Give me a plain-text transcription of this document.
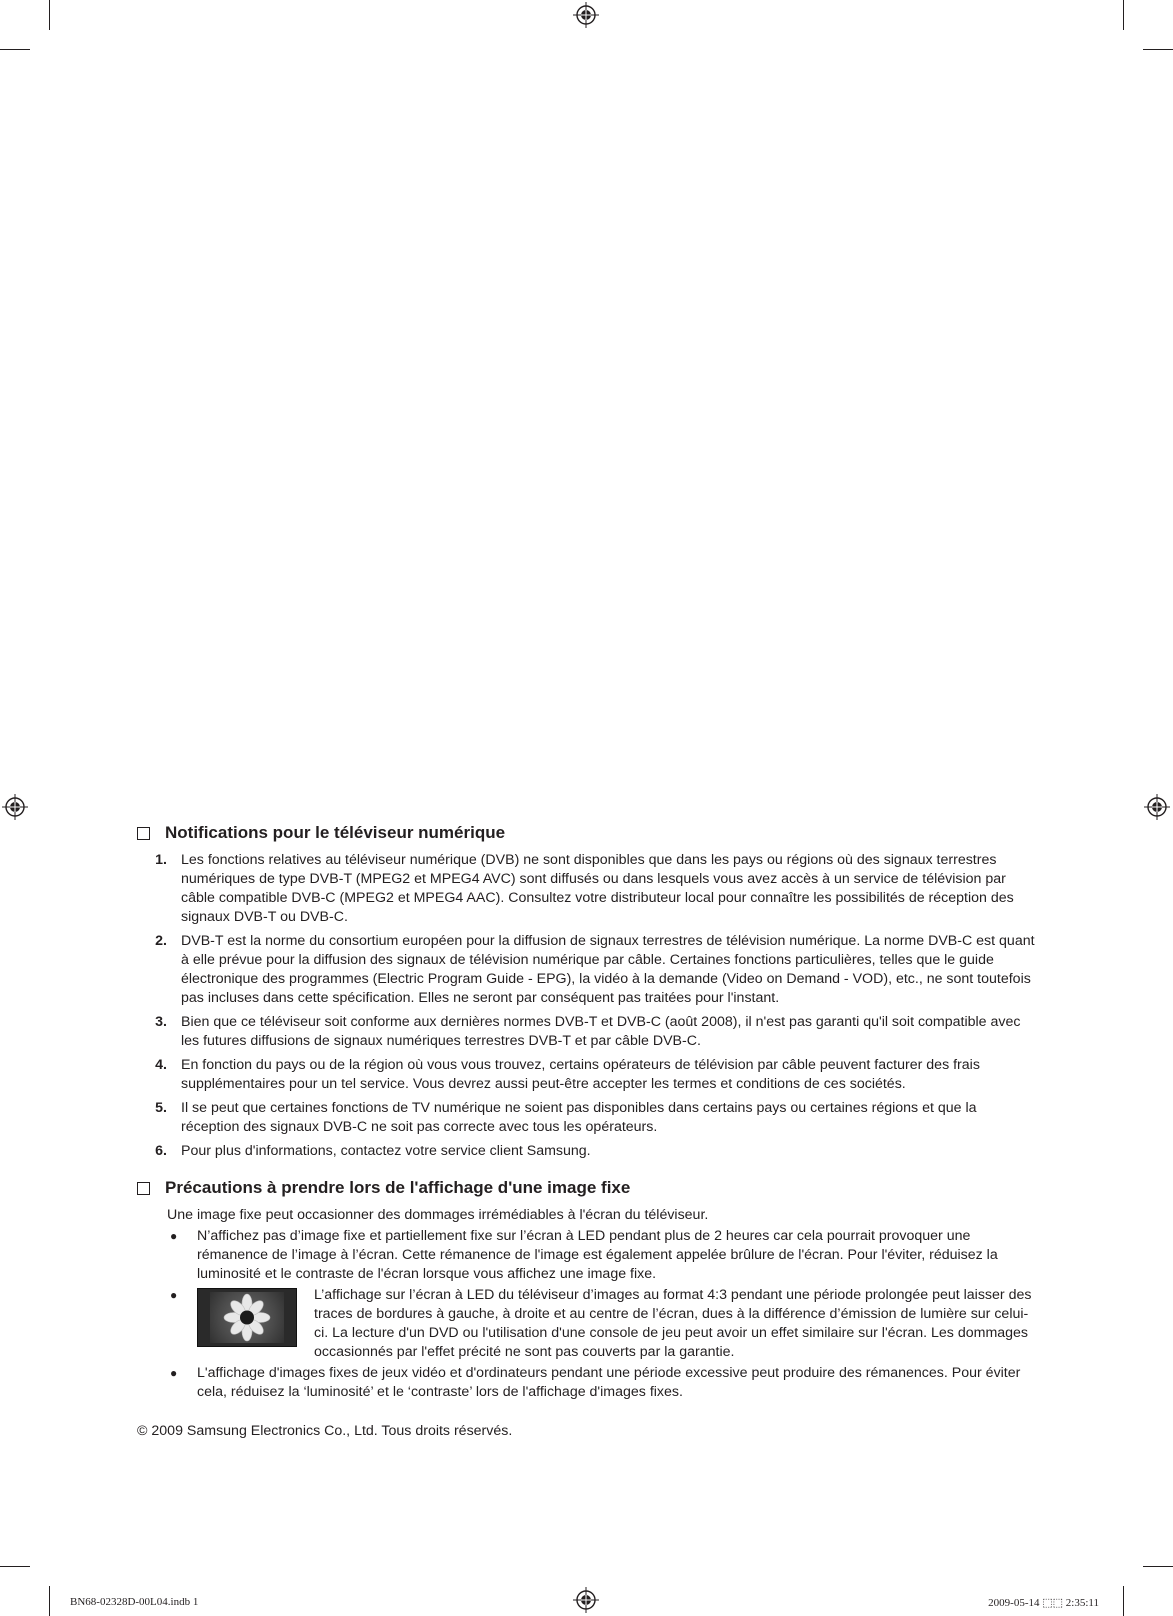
Notifications pour le téléviseur numérique
1. Les fonctions relatives au téléviseur numérique (DVB) ne sont disponibles que dans les pays ou régions où des signaux terrestres numériques de type DVB-T (MPEG2 et MPEG4 AVC) sont diffusés ou dans lesquels vous avez accès à un service de télévision par câble compatible DVB-C (MPEG2 et MPEG4 AAC). Consultez votre distributeur local pour connaître les possibilités de réception des signaux DVB-T ou DVB-C.
2. DVB-T est la norme du consortium européen pour la diffusion de signaux terrestres de télévision numérique. La norme DVB-C est quant à elle prévue pour la diffusion des signaux de télévision numérique par câble. Certaines fonctions particulières, telles que le guide électronique des programmes (Electric Program Guide - EPG), la vidéo à la demande (Video on Demand - VOD), etc., ne sont toutefois pas incluses dans cette spécification. Elles ne seront par conséquent pas traitées pour l'instant.
3. Bien que ce téléviseur soit conforme aux dernières normes DVB-T et DVB-C (août 2008), il n'est pas garanti qu'il soit compatible avec les futures diffusions de signaux numériques terrestres DVB-T et par câble DVB-C.
4. En fonction du pays ou de la région où vous vous trouvez, certains opérateurs de télévision par câble peuvent facturer des frais supplémentaires pour un tel service. Vous devrez aussi peut-être accepter les termes et conditions de ces sociétés.
5. Il se peut que certaines fonctions de TV numérique ne soient pas disponibles dans certains pays ou certaines régions et que la réception des signaux DVB-C ne soit pas correcte avec tous les opérateurs.
6. Pour plus d'informations, contactez votre service client Samsung.
Précautions à prendre lors de l'affichage d'une image fixe
Une image fixe peut occasionner des dommages irrémédiables à l'écran du téléviseur.
●	N’affichez pas d’image fixe et partiellement fixe sur l’écran à LED pendant plus de 2 heures car cela pourrait provoquer une rémanence de l’image à l’écran. Cette rémanence de l'image est également appelée brûlure de l'écran. Pour l'éviter, réduisez la luminosité et le contraste de l'écran lorsque vous affichez une image fixe.
●	L’affichage sur l’écran à LED du téléviseur d’images au format 4:3 pendant une période prolongée peut laisser des traces de bordures à gauche, à droite et au centre de l’écran, dues à la différence d’émission de lumière sur celui-ci. La lecture d'un DVD ou l'utilisation d'une console de jeu peut avoir un effet similaire sur l'écran. Les dommages occasionnés par l'effet précité ne sont pas couverts par la garantie.
●	L'affichage d'images fixes de jeux vidéo et d'ordinateurs pendant une période excessive peut produire des rémanences. Pour éviter cela, réduisez la ‘luminosité’ et le ‘contraste’ lors de l'affichage d'images fixes.
© 2009 Samsung Electronics Co., Ltd. Tous droits réservés.
BN68-02328D-00L04.indb 1	2009-05-14 ⬚⬚ 2:35:11
